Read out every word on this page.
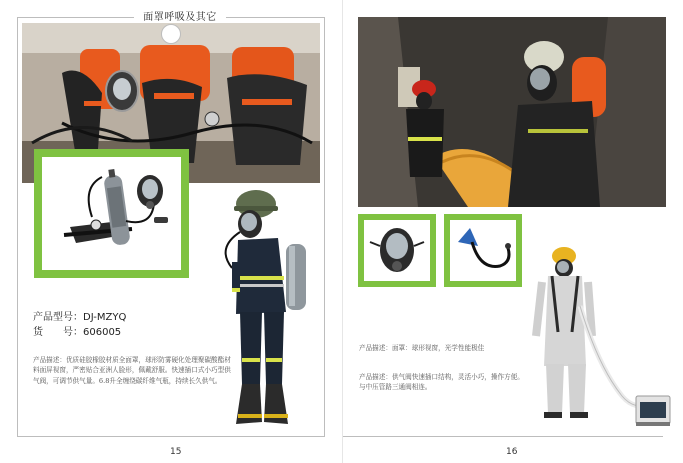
面罩呼吸及其它
产品型号：DJ-MZYQ
货　　号：606005
产品描述：优质硅胶橡胶材质全面罩，球形防雾硬化处理聚碳酸酯材料面屏视窗，严密贴合亚洲人脸形，佩戴舒服。快速插口式小巧型供气阀，可调节供气量。6.8升全缠绕碳纤维气瓶，持续长久供气。
15
产品描述：面罩：球形视窗，光学性能极佳
产品描述：供气阀快速插口结构，灵活小巧，操作方便。与中压管路三通阀相连。
16
